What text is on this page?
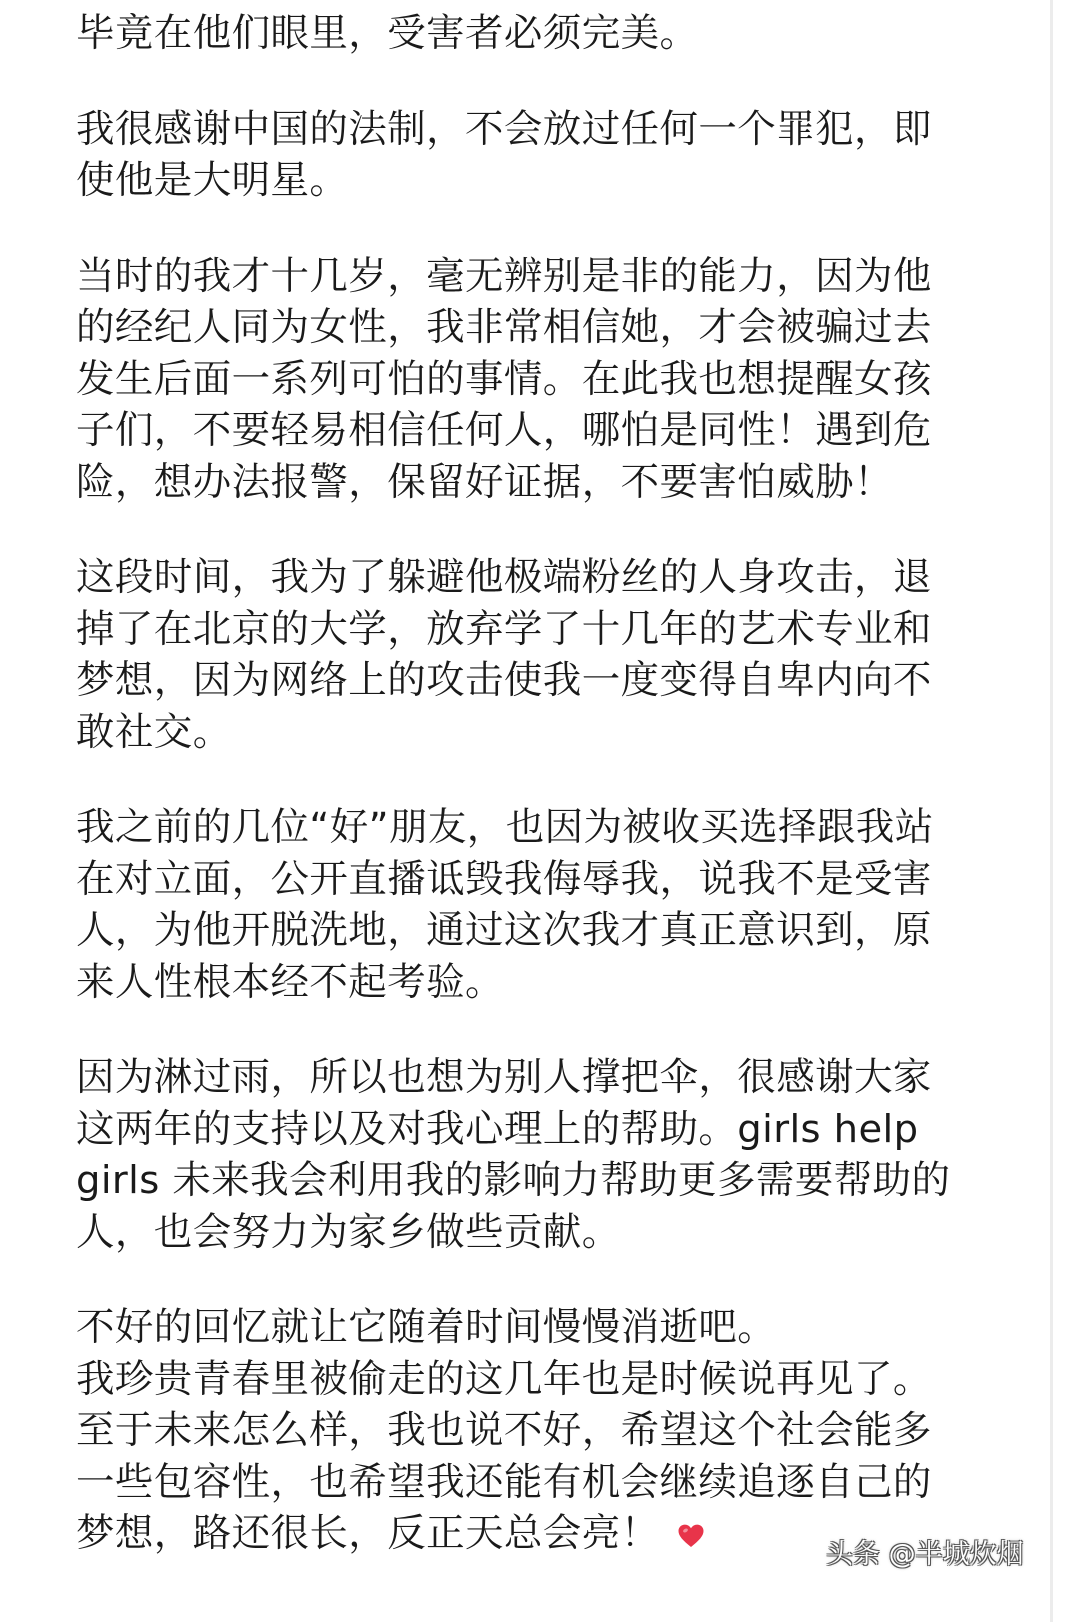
毕竟在他们眼里，受害者必须完美。

我很感谢中国的法制，不会放过任何一个罪犯，即
使他是大明星。

当时的我才十几岁，毫无辨别是非的能力，因为他
的经纪人同为女性，我非常相信她，才会被骗过去
发生后面一系列可怕的事情。在此我也想提醒女孩
子们，不要轻易相信任何人，哪怕是同性！遇到危
险，想办法报警，保留好证据，不要害怕威胁！

这段时间，我为了躲避他极端粉丝的人身攻击，退
掉了在北京的大学，放弃学了十几年的艺术专业和
梦想，因为网络上的攻击使我一度变得自卑内向不
敢社交。

我之前的几位“好”朋友，也因为被收买选择跟我站
在对立面，公开直播诋毁我侮辱我，说我不是受害
人，为他开脱洗地，通过这次我才真正意识到，原
来人性根本经不起考验。

因为淋过雨，所以也想为别人撑把伞，很感谢大家
这两年的支持以及对我心理上的帮助。girls help
girls 未来我会利用我的影响力帮助更多需要帮助的
人，也会努力为家乡做些贡献。

不好的回忆就让它随着时间慢慢消逝吧。
我珍贵青春里被偷走的这几年也是时候说再见了。
至于未来怎么样，我也说不好，希望这个社会能多
一些包容性，也希望我还能有机会继续追逐自己的
梦想，路还很长，反正天总会亮！	头条 @半城炊烟
